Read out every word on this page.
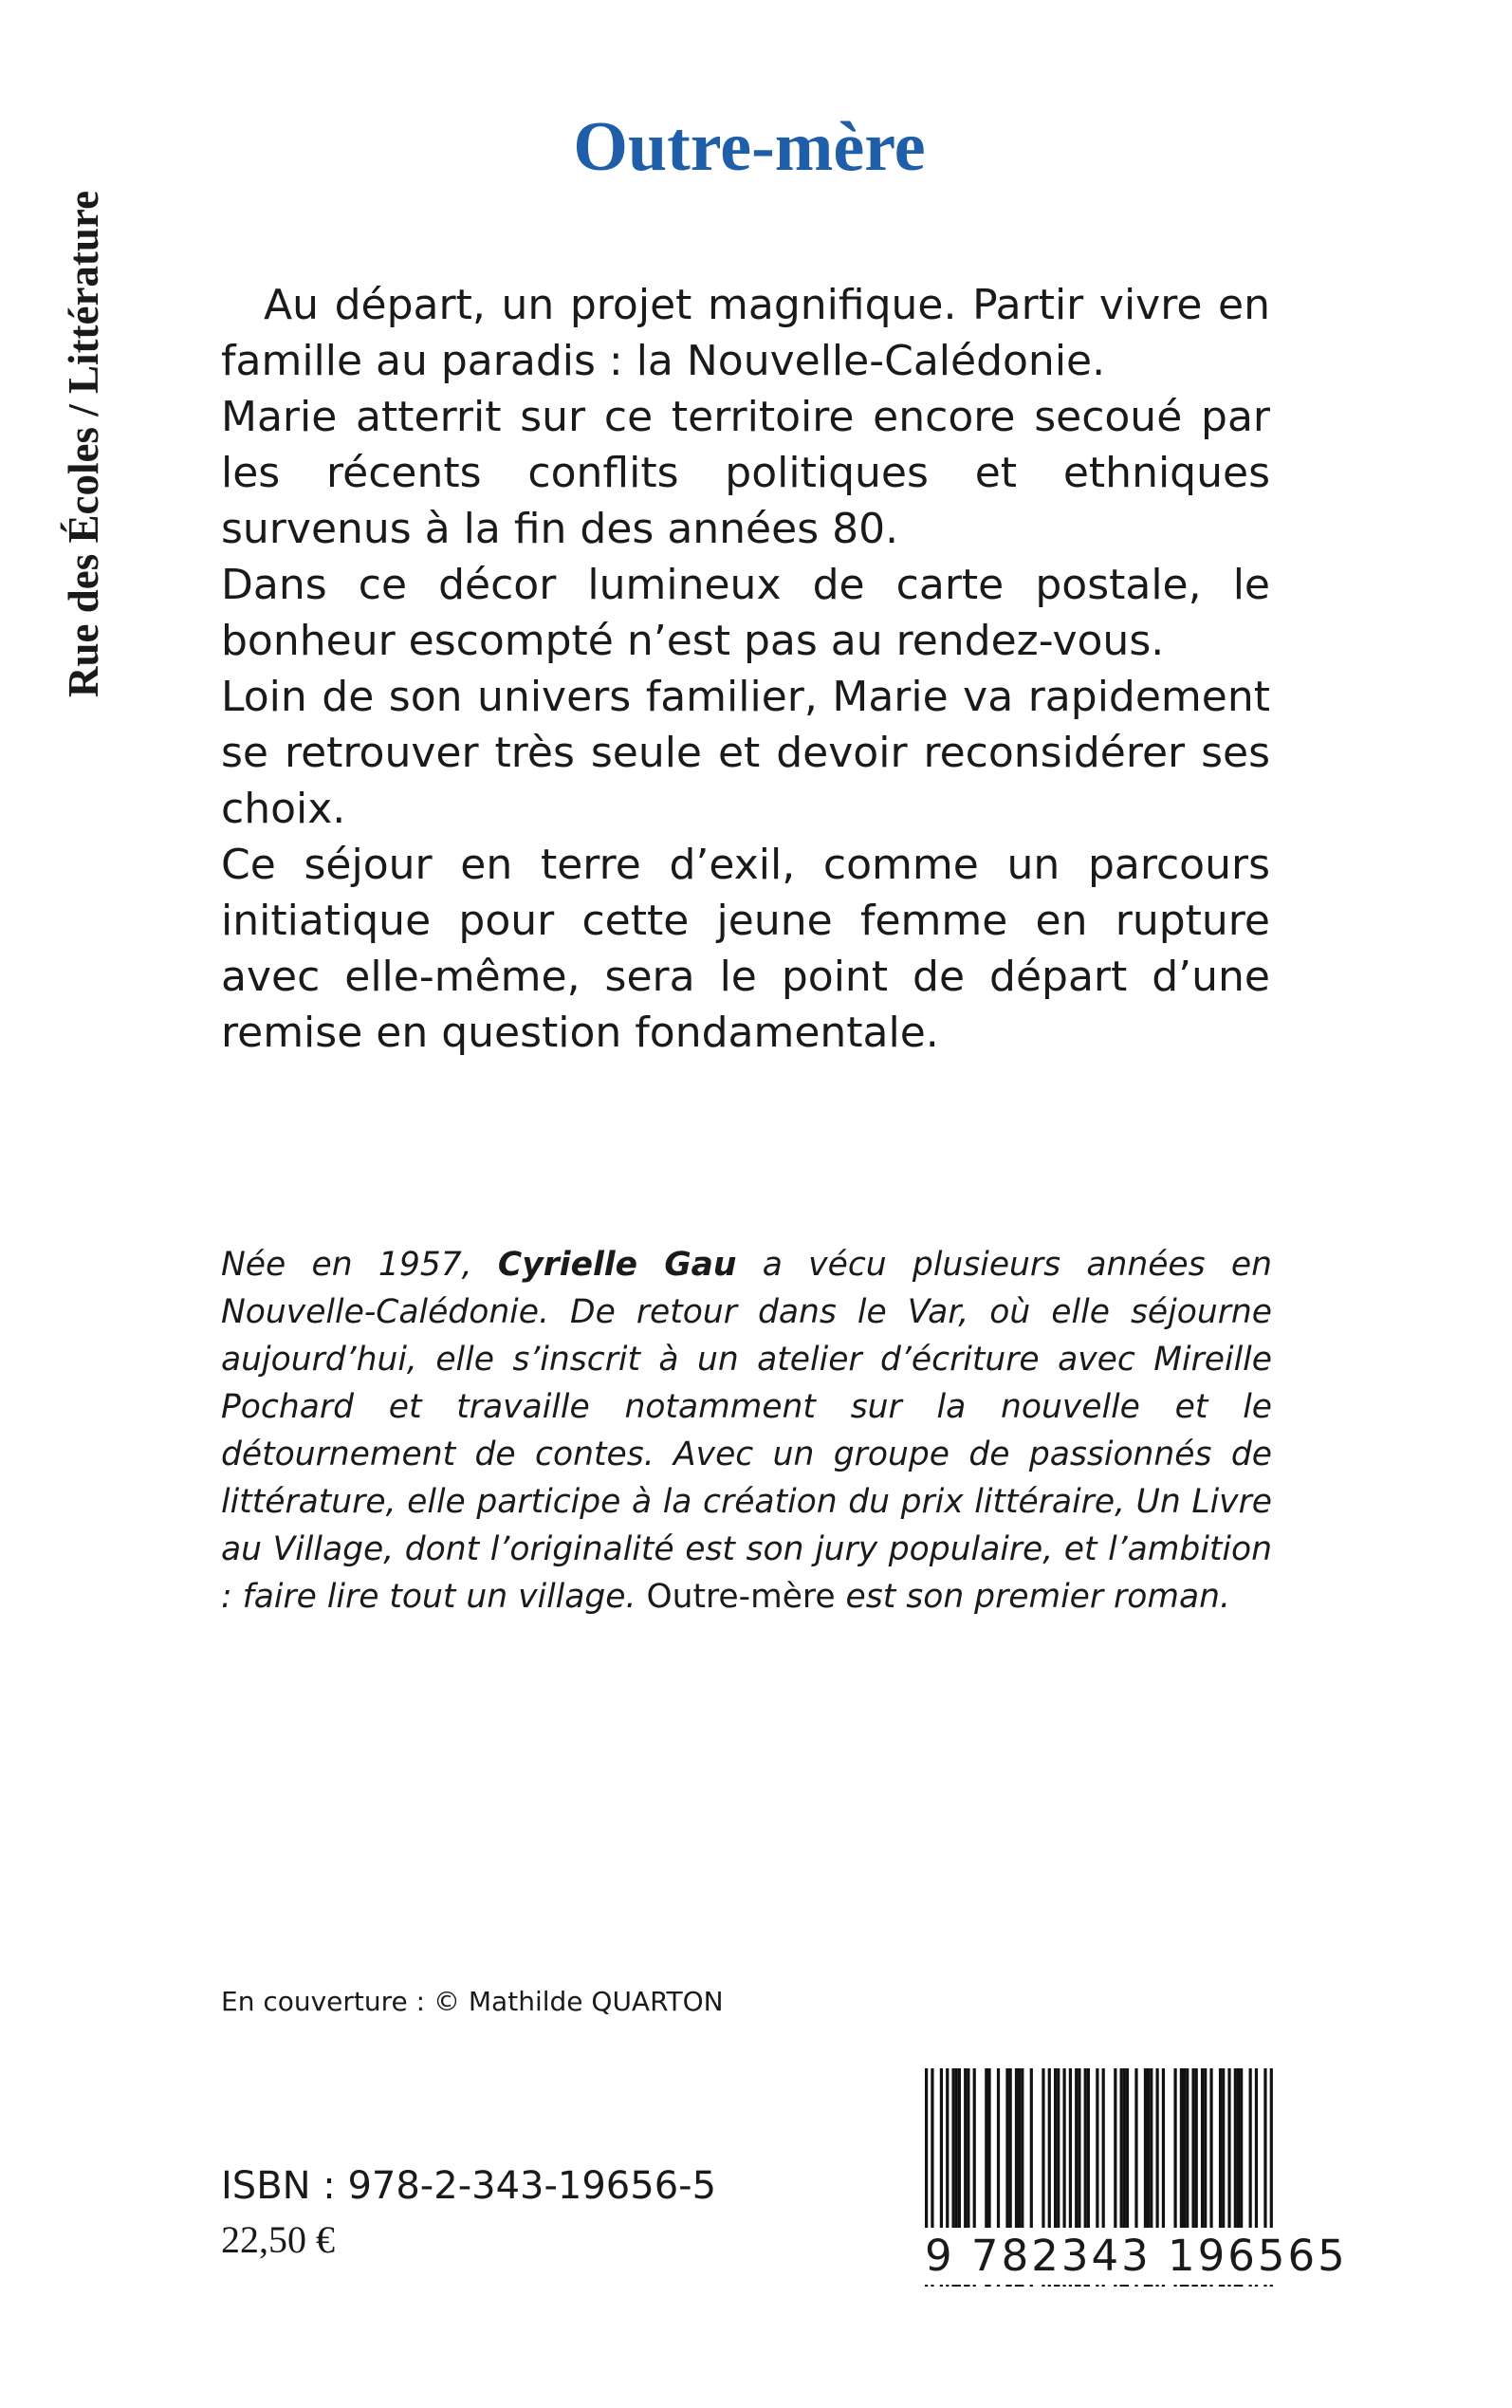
Rue des Écoles / Littérature
Outre-mère

Au départ, un projet magnifique. Partir vivre en famille au paradis : la Nouvelle-Calédonie.

Marie atterrit sur ce territoire encore secoué par les récents conflits politiques et ethniques survenus à la fin des années 80.

Dans ce décor lumineux de carte postale, le bonheur escompté n’est pas au rendez-vous.

Loin de son univers familier, Marie va rapidement se retrouver très seule et devoir reconsidérer ses choix.

Ce séjour en terre d’exil, comme un parcours initiatique pour cette jeune femme en rupture avec elle-même, sera le point de départ d’une remise en question fondamentale.

Née en 1957, Cyrielle Gau a vécu plusieurs années en Nouvelle-Calédonie. De retour dans le Var, où elle séjourne aujourd’hui, elle s’inscrit à un atelier d’écriture avec Mireille Pochard et travaille notamment sur la nouvelle et le détournement de contes. Avec un groupe de passionnés de littérature, elle participe à la création du prix littéraire, Un Livre au Village, dont l’originalité est son jury populaire, et l’ambition : faire lire tout un village. Outre-mère est son premier roman.

En couverture : © Mathilde QUARTON
ISBN : 978-2-343-19656-5
22,50 €	9 782343 196565
